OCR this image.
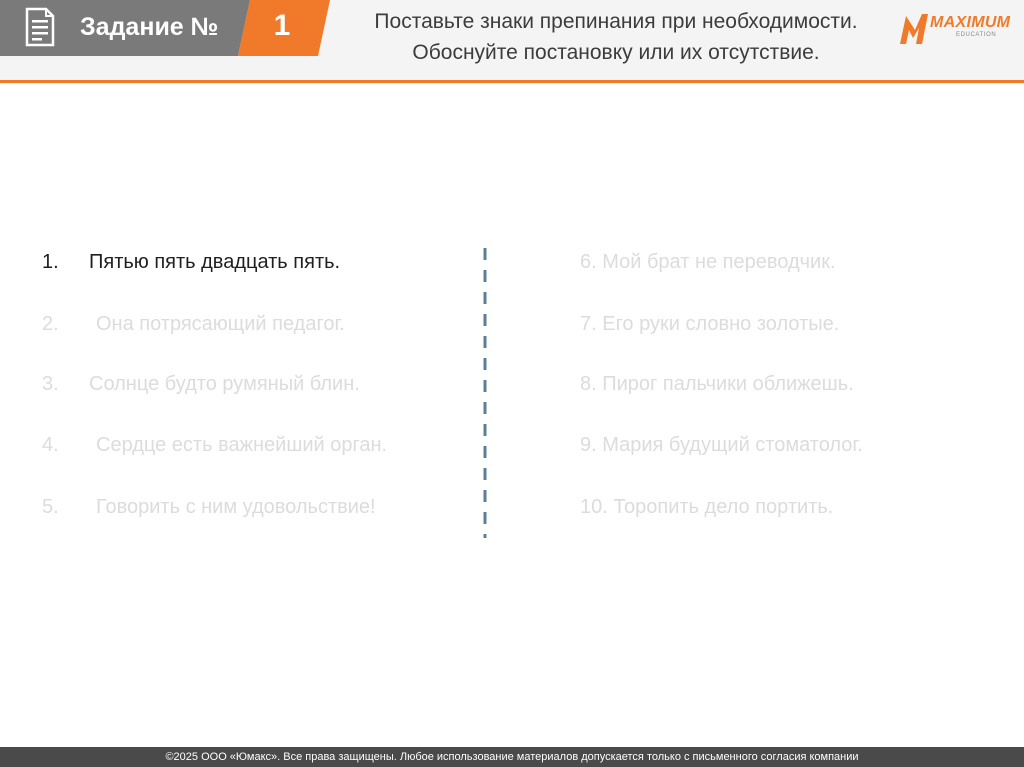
Задание №	1	Поставьте знаки препинания при необходимости.
Обоснуйте постановку или их отсутствие.
MAXIMUM
EDUCATION
1. Пятью пять двадцать пять.
2. Она потрясающий педагог.
3. Солнце будто румяный блин.
4. Сердце есть важнейший орган.
5. Говорить с ним удовольствие!
6. Мой брат не переводчик.
7. Его руки словно золотые.
8. Пирог пальчики оближешь.
9. Мария будущий стоматолог.
10. Торопить дело портить.
©2025 ООО «Юмакс». Все права защищены. Любое использование материалов допускается только с письменного согласия компании
